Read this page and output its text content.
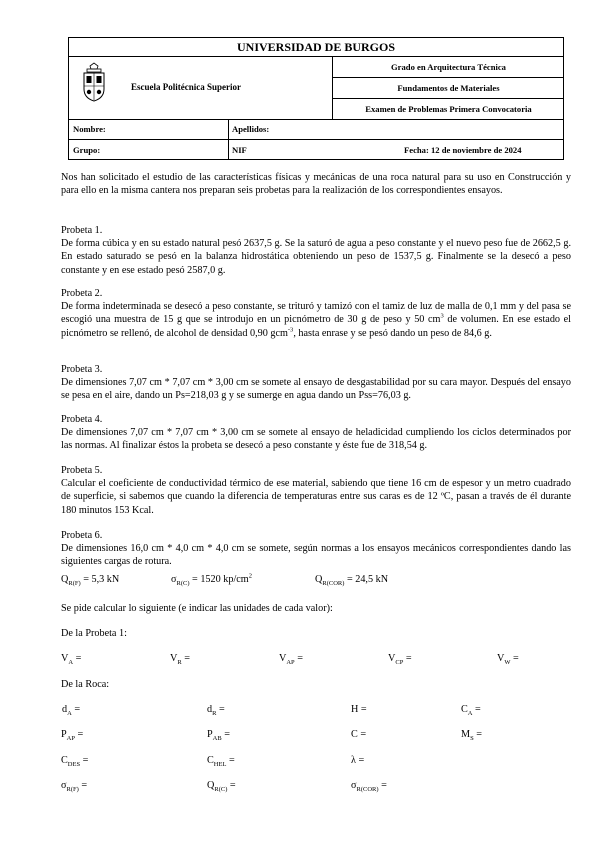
UNIVERSIDAD DE BURGOS
Escuela Politécnica Superior
Grado en Arquitectura Técnica
Fundamentos de Materiales
Examen de Problemas Primera Convocatoria
Nombre:	Apellidos:
Grupo:	NIF	Fecha: 12 de noviembre de 2024
Nos han solicitado el estudio de las características físicas y mecánicas de una roca natural para su uso en Construcción y para ello en la misma cantera nos preparan seis probetas para la realización de los correspondientes ensayos.
Probeta 1.
De forma cúbica y en su estado natural pesó 2637,5 g. Se la saturó de agua a peso constante y el nuevo peso fue de 2662,5 g. En estado saturado se pesó en la balanza hidrostática obteniendo un peso de 1537,5 g. Finalmente se la desecó a peso constante y en ese estado pesó 2587,0 g.
Probeta 2.
De forma indeterminada se desecó a peso constante, se trituró y tamizó con el tamiz de luz de malla de 0,1 mm y del pasa se escogió una muestra de 15 g que se introdujo en un picnómetro de 30 g de peso y 50 $cm^3$ de volumen. En ese estado el picnómetro se rellenó, de alcohol de densidad 0,90 gcm$^{-3}$, hasta enrase y se pesó dando un peso de 84,6 g.
Probeta 3.
De dimensiones 7,07 cm * 7,07 cm * 3,00 cm se somete al ensayo de desgastabilidad por su cara mayor. Después del ensayo se pesa en el aire, dando un Ps=218,03 g y se sumerge en agua dando un Pss=76,03 g.
Probeta 4.
De dimensiones 7,07 cm * 7,07 cm * 3,00 cm se somete al ensayo de heladicidad cumpliendo los ciclos determinados por las normas. Al finalizar éstos la probeta se desecó a peso constante y éste fue de 318,54 g.
Probeta 5.
Calcular el coeficiente de conductividad térmico de ese material, sabiendo que tiene 16 cm de espesor y un metro cuadrado de superficie, si sabemos que cuando la diferencia de temperaturas entre sus caras es de 12 ºC, pasan a través de él durante 180 minutos 153 Kcal.
Probeta 6.
De dimensiones 16,0 cm * 4,0 cm * 4,0 cm se somete, según normas a los ensayos mecánicos correspondientes dando las siguientes cargas de rotura.
$Q_{R(F)} = 5,3$ kN	$\sigma_{R(C)} = 1520$ $kp/cm^2$	$Q_{R(COR)} = 24,5$ kN
Se pide calcular lo siguiente (e indicar las unidades de cada valor):
De la Probeta 1:
$V_A$ =	$V_R$ =	$V_{AP}$ =	$V_{CP}$ =	$V_W$ =
De la Roca:
$d_A$ =	$d_R$ =	H =	$C_A$ =
$P_{AP}$ =	$P_{AB}$ =	C =	$M_S$ =
$C_{DES}$ =	$C_{HEL}$ =	λ =
$\sigma_{R(F)}$ =	$Q_{R(C)}$ =	$\sigma_{R(COR)}$ =
